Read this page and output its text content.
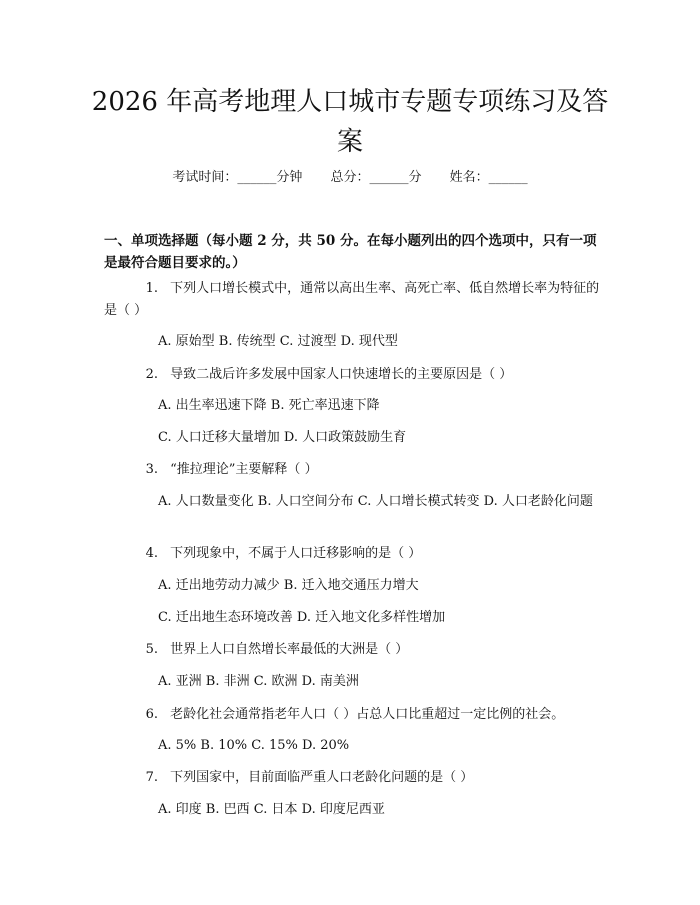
2026 年高考地理人口城市专题专项练习及答案
考试时间：______分钟 总分：______分 姓名：______

一、单项选择题（每小题 2 分，共 50 分。在每小题列出的四个选项中，只有一项是最符合题目要求的。）

1. 下列人口增长模式中，通常以高出生率、高死亡率、低自然增长率为特征的是（ ）
A. 原始型 B. 传统型 C. 过渡型 D. 现代型
2. 导致二战后许多发展中国家人口快速增长的主要原因是（ ）
A. 出生率迅速下降 B. 死亡率迅速下降
C. 人口迁移大量增加 D. 人口政策鼓励生育
3. “推拉理论”主要解释（ ）
A. 人口数量变化 B. 人口空间分布 C. 人口增长模式转变 D. 人口老龄化问题
4. 下列现象中，不属于人口迁移影响的是（ ）
A. 迁出地劳动力减少 B. 迁入地交通压力增大
C. 迁出地生态环境改善 D. 迁入地文化多样性增加
5. 世界上人口自然增长率最低的大洲是（ ）
A. 亚洲 B. 非洲 C. 欧洲 D. 南美洲
6. 老龄化社会通常指老年人口（ ）占总人口比重超过一定比例的社会。
A. 5% B. 10% C. 15% D. 20%
7. 下列国家中，目前面临严重人口老龄化问题的是（ ）
A. 印度 B. 巴西 C. 日本 D. 印度尼西亚
